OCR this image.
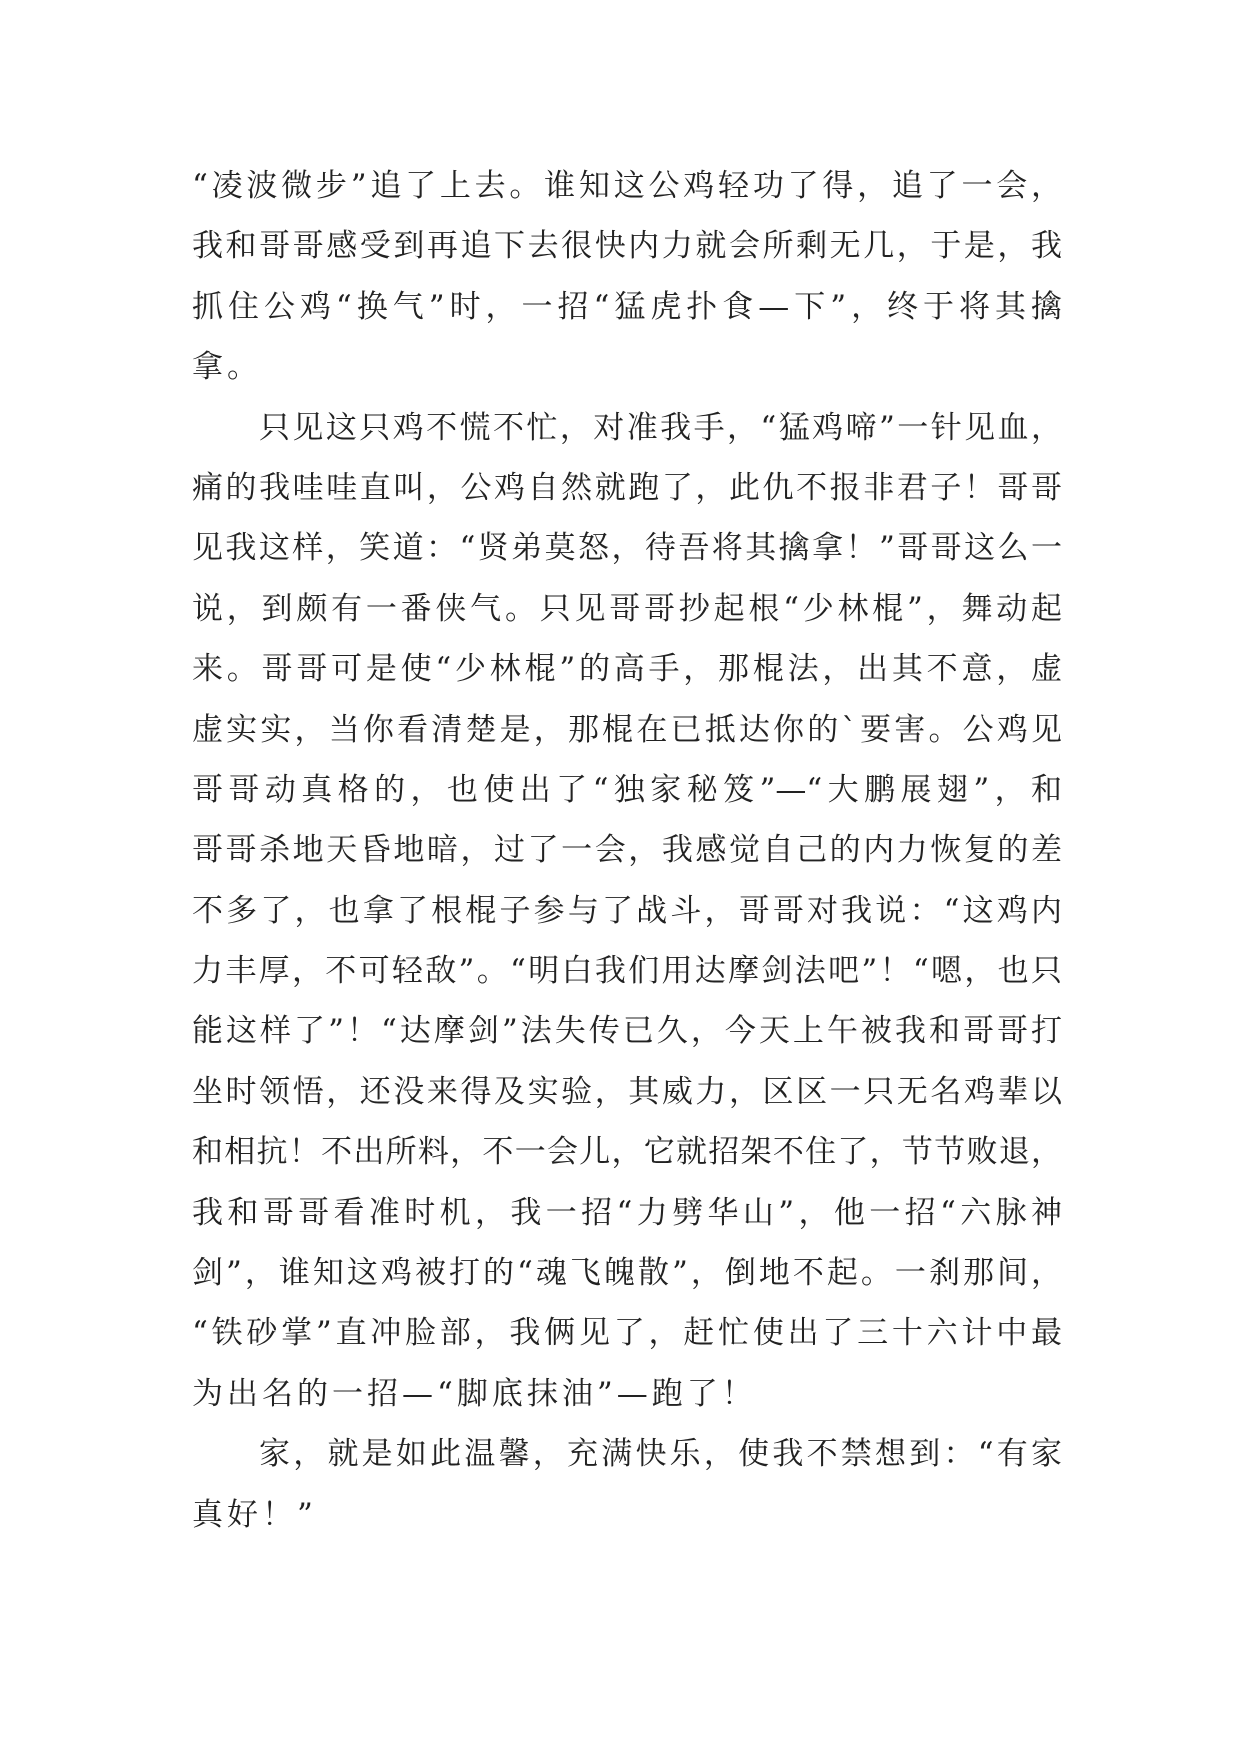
“凌波微步”追了上去。谁知这公鸡轻功了得，追了一会，
我和哥哥感受到再追下去很快内力就会所剩无几，于是，我
抓住公鸡“换气”时，一招“猛虎扑食—下”，终于将其擒
拿。
只见这只鸡不慌不忙，对准我手，“猛鸡啼”一针见血，
痛的我哇哇直叫，公鸡自然就跑了，此仇不报非君子！哥哥
见我这样，笑道：“贤弟莫怒，待吾将其擒拿！”哥哥这么一
说，到颇有一番侠气。只见哥哥抄起根“少林棍”，舞动起
来。哥哥可是使“少林棍”的高手，那棍法，出其不意，虚
虚实实，当你看清楚是，那棍在已抵达你的`要害。公鸡见
哥哥动真格的，也使出了“独家秘笈”—“大鹏展翅”，和
哥哥杀地天昏地暗，过了一会，我感觉自己的内力恢复的差
不多了，也拿了根棍子参与了战斗，哥哥对我说：“这鸡内
力丰厚，不可轻敌”。“明白我们用达摩剑法吧”！“嗯，也只
能这样了”！“达摩剑”法失传已久，今天上午被我和哥哥打
坐时领悟，还没来得及实验，其威力，区区一只无名鸡辈以
和相抗！不出所料，不一会儿，它就招架不住了，节节败退，
我和哥哥看准时机，我一招“力劈华山”，他一招“六脉神
剑”，谁知这鸡被打的“魂飞魄散”，倒地不起。一刹那间，
“铁砂掌”直冲脸部，我俩见了，赶忙使出了三十六计中最
为出名的一招—“脚底抹油”—跑了！
家，就是如此温馨，充满快乐，使我不禁想到：“有家
真好！”
